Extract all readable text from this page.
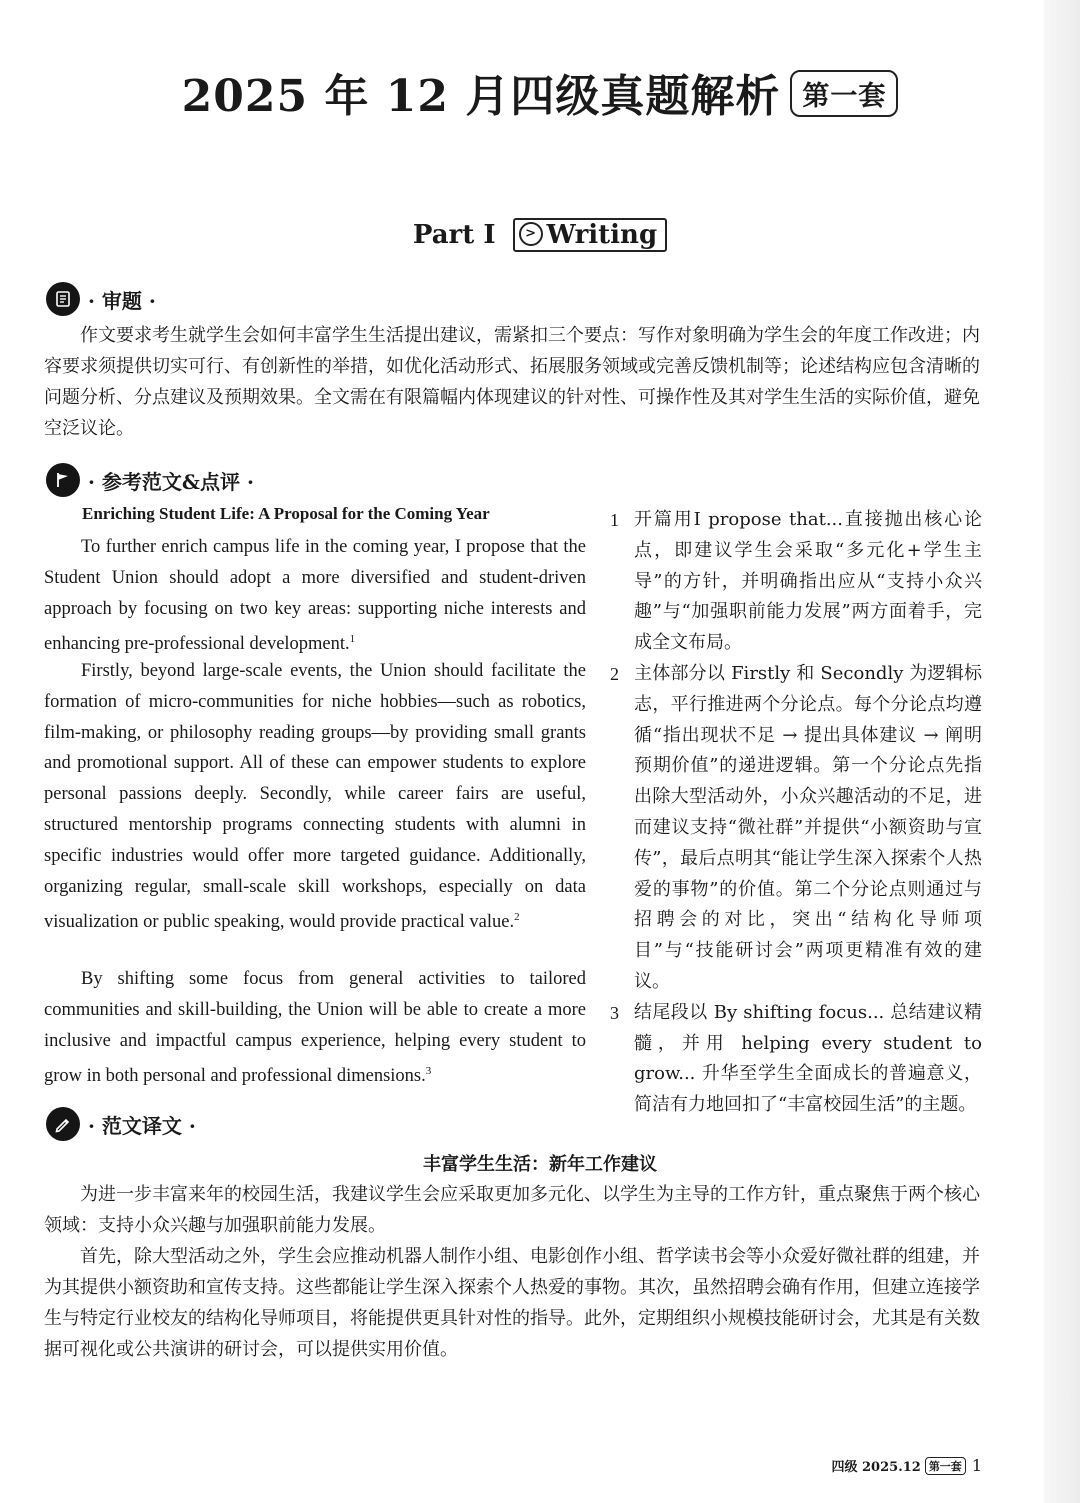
2025 年 12 月四级真题解析 第一套
Part I > Writing
· 审题 ·

作文要求考生就学生会如何丰富学生生活提出建议，需紧扣三个要点：写作对象明确为学生会的年度工作改进；内容要求须提供切实可行、有创新性的举措，如优化活动形式、拓展服务领域或完善反馈机制等；论述结构应包含清晰的问题分析、分点建议及预期效果。全文需在有限篇幅内体现建议的针对性、可操作性及其对学生生活的实际价值，避免空泛议论。

· 参考范文&点评 ·
Enriching Student Life: A Proposal for the Coming Year

To further enrich campus life in the coming year, I propose that the Student Union should adopt a more diversified and student-driven approach by focusing on two key areas: supporting niche interests and enhancing pre-professional development.$^1$

Firstly, beyond large-scale events, the Union should facilitate the formation of micro-communities for niche hobbies—such as robotics, film-making, or philosophy reading groups—by providing small grants and promotional support. All of these can empower students to explore personal passions deeply. Secondly, while career fairs are useful, structured mentorship programs connecting students with alumni in specific industries would offer more targeted guidance. Additionally, organizing regular, small-scale skill workshops, especially on data visualization or public speaking, would provide practical value.$^2$

By shifting some focus from general activities to tailored communities and skill-building, the Union will be able to create a more inclusive and impactful campus experience, helping every student to grow in both personal and professional dimensions.$^3$

1 开篇用I propose that...直接抛出核心论点，即建议学生会采取“多元化+学生主导”的方针，并明确指出应从“支持小众兴趣”与“加强职前能力发展”两方面着手，完成全文布局。
2 主体部分以 Firstly 和 Secondly 为逻辑标志，平行推进两个分论点。每个分论点均遵循“指出现状不足 → 提出具体建议 → 阐明预期价值”的递进逻辑。第一个分论点先指出除大型活动外，小众兴趣活动的不足，进而建议支持“微社群”并提供“小额资助与宣传”，最后点明其“能让学生深入探索个人热爱的事物”的价值。第二个分论点则通过与招聘会的对比，突出“结构化导师项目”与“技能研讨会”两项更精准有效的建议。
3 结尾段以 By shifting focus... 总结建议精髓，并用 helping every student to grow... 升华至学生全面成长的普遍意义，简洁有力地回扣了“丰富校园生活”的主题。
· 范文译文 ·
丰富学生生活：新年工作建议

为进一步丰富来年的校园生活，我建议学生会应采取更加多元化、以学生为主导的工作方针，重点聚焦于两个核心领域：支持小众兴趣与加强职前能力发展。

首先，除大型活动之外，学生会应推动机器人制作小组、电影创作小组、哲学读书会等小众爱好微社群的组建，并为其提供小额资助和宣传支持。这些都能让学生深入探索个人热爱的事物。其次，虽然招聘会确有作用，但建立连接学生与特定行业校友的结构化导师项目，将能提供更具针对性的指导。此外，定期组织小规模技能研讨会，尤其是有关数据可视化或公共演讲的研讨会，可以提供实用价值。

四级 2025.12 第一套 1
